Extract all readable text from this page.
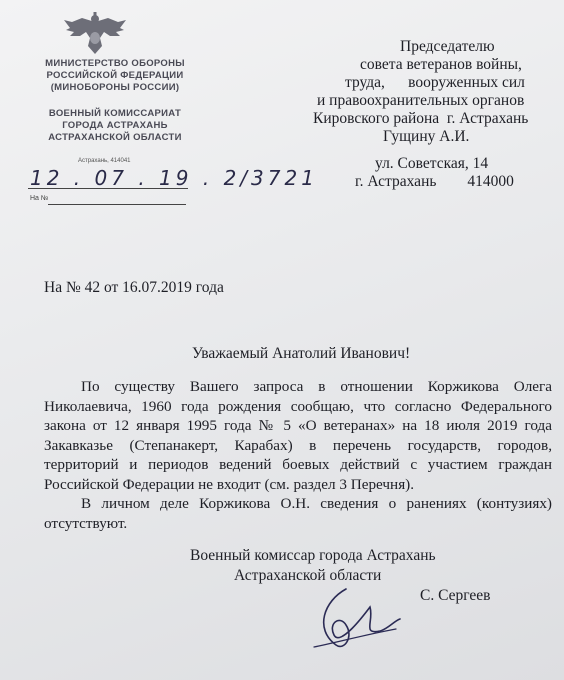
МИНИСТЕРСТВО ОБОРОНЫ
РОССИЙСКОЙ ФЕДЕРАЦИИ
(МИНОБОРОНЫ РОССИИ)
ВОЕННЫЙ КОМИССАРИАТ
ГОРОДА АСТРАХАНЬ
АСТРАХАНСКОЙ ОБЛАСТИ
Астрахань, 414041
12 . 07 . 19 . 2/3721
На №
Председателю
совета ветеранов войны,
труда,      вооруженных сил
и правоохранительных органов
Кировского района  г. Астрахань
Гущину А.И.
ул. Советская, 14
г. Астрахань        414000
На № 42 от 16.07.2019 года
Уважаемый Анатолий Иванович!

По существу Вашего запроса в отношении Коржикова Олега Николаевича, 1960 года рождения сообщаю, что согласно Федерального закона от 12 января 1995 года № 5 «О ветеранах» на 18 июля 2019 года Закавказье (Степанакерт, Карабах) в перечень государств, городов, территорий и периодов ведений боевых действий с участием граждан Российской Федерации не входит (см. раздел 3 Перечня).

В личном деле Коржикова О.Н. сведения о ранениях (контузиях) отсутствуют.

Военный комиссар города Астрахань
Астраханской области
С. Сергеев
